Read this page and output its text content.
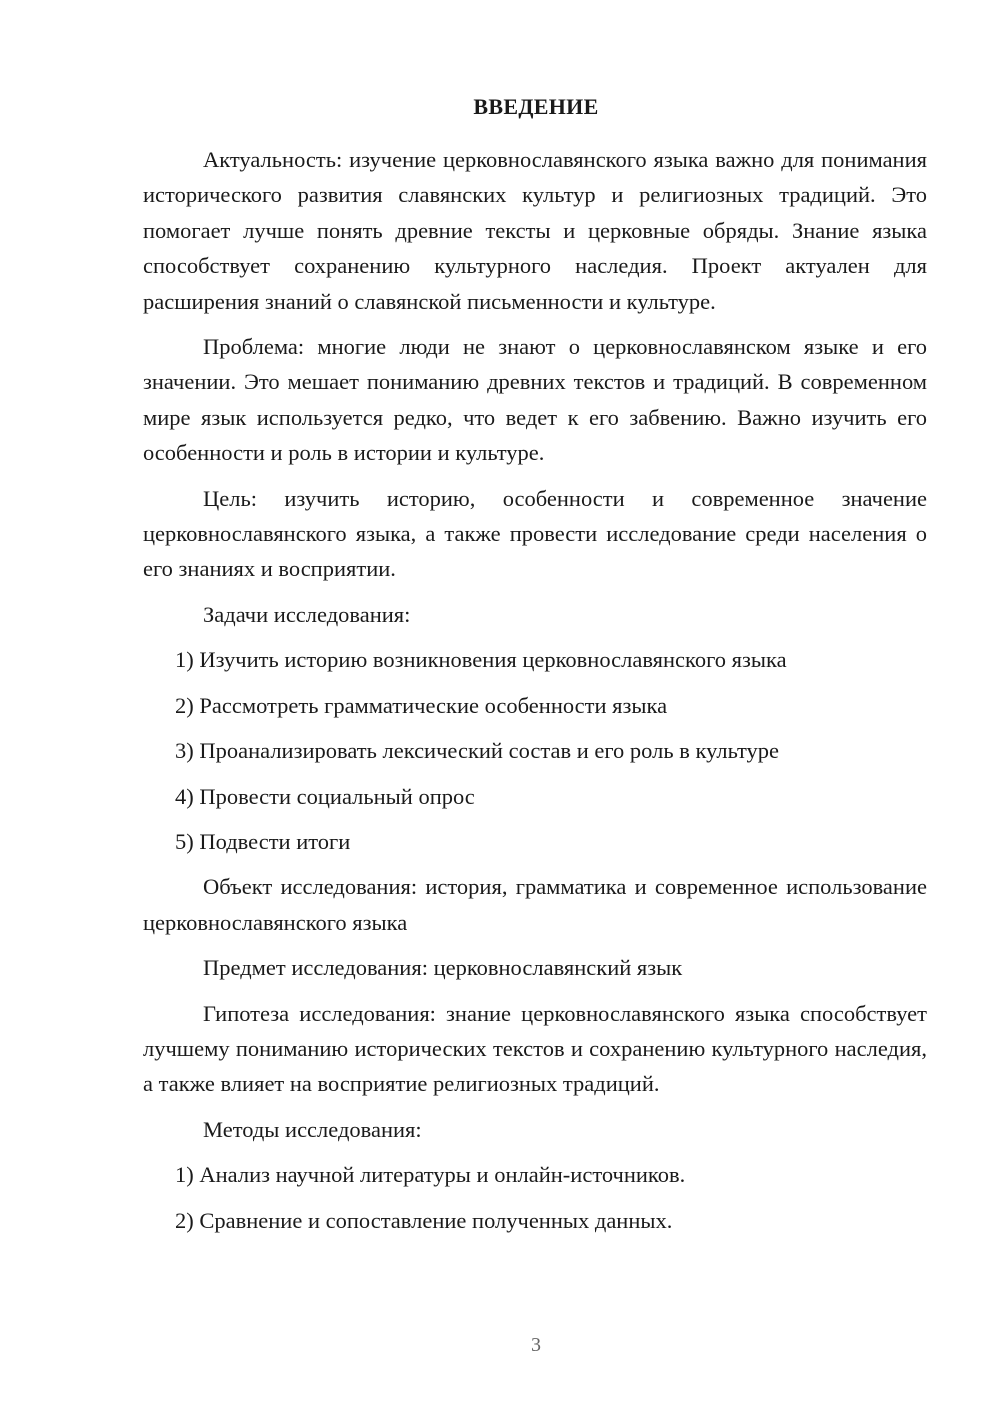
ВВЕДЕНИЕ

Актуальность: изучение церковнославянского языка важно для понимания исторического развития славянских культур и религиозных традиций. Это помогает лучше понять древние тексты и церковные обряды. Знание языка способствует сохранению культурного наследия. Проект актуален для расширения знаний о славянской письменности и культуре.

Проблема: многие люди не знают о церковнославянском языке и его значении. Это мешает пониманию древних текстов и традиций. В современном мире язык используется редко, что ведет к его забвению. Важно изучить его особенности и роль в истории и культуре.

Цель: изучить историю, особенности и современное значение церковнославянского языка, а также провести исследование среди населения о его знаниях и восприятии.

Задачи исследования:

1) Изучить историю возникновения церковнославянского языка

2) Рассмотреть грамматические особенности языка

3) Проанализировать лексический состав и его роль в культуре

4) Провести социальный опрос

5) Подвести итоги

Объект исследования: история, грамматика и современное использование церковнославянского языка

Предмет исследования: церковнославянский язык

Гипотеза исследования: знание церковнославянского языка способствует лучшему пониманию исторических текстов и сохранению культурного наследия, а также влияет на восприятие религиозных традиций.

Методы исследования:

1) Анализ научной литературы и онлайн-источников.

2) Сравнение и сопоставление полученных данных.

3
